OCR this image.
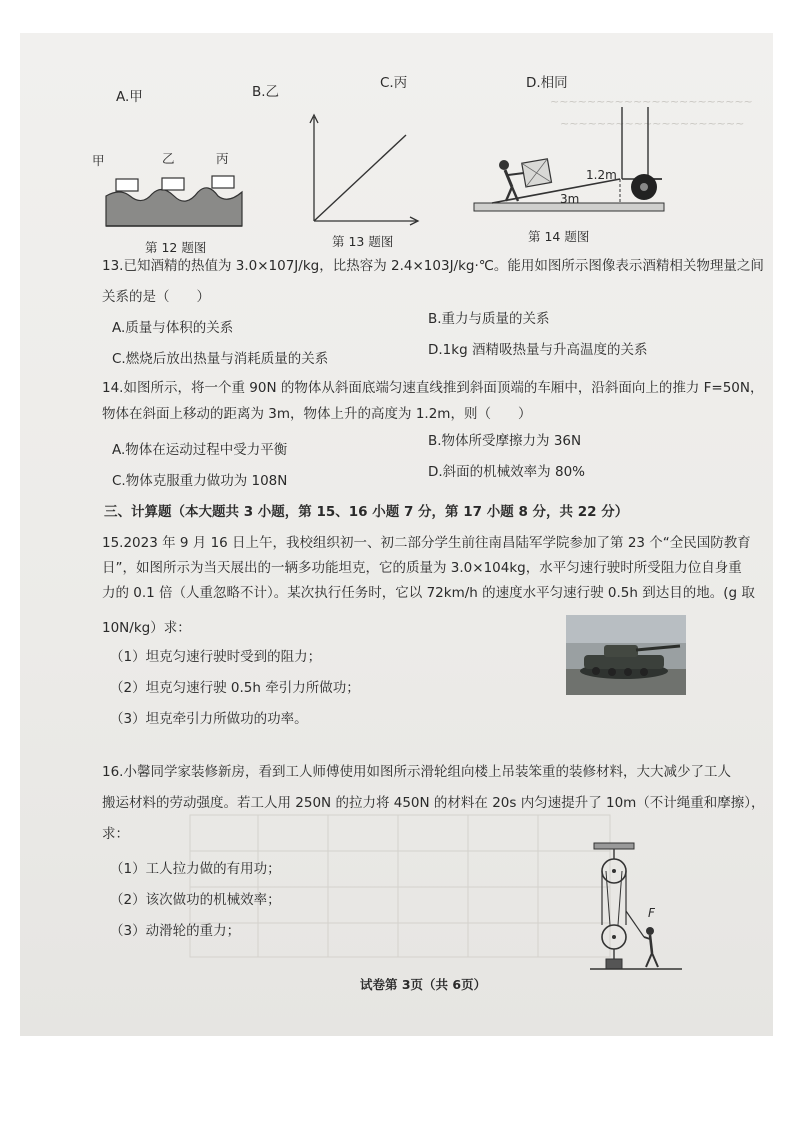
~~~~~~~~~~~~~~~~~~~~~~
~~~~~~~~~~~~~~~~~~~~
A.甲	B.乙
C.丙	D.相同
甲	乙	丙
第 12 题图	第 13 题图
3m
1.2m
第 14 题图
13.已知酒精的热值为 3.0×107J/kg，比热容为 2.4×103J/kg·℃。能用如图所示图像表示酒精相关物理量之间
关系的是（　　）
A.质量与体积的关系
B.重力与质量的关系
C.燃烧后放出热量与消耗质量的关系
D.1kg 酒精吸热量与升高温度的关系
14.如图所示，将一个重 90N 的物体从斜面底端匀速直线推到斜面顶端的车厢中，沿斜面向上的推力 F=50N，
物体在斜面上移动的距离为 3m，物体上升的高度为 1.2m，则（　　）
A.物体在运动过程中受力平衡
B.物体所受摩擦力为 36N
C.物体克服重力做功为 108N
D.斜面的机械效率为 80%
三、计算题（本大题共 3 小题，第 15、16 小题 7 分，第 17 小题 8 分，共 22 分）
15.2023 年 9 月 16 日上午，我校组织初一、初二部分学生前往南昌陆军学院参加了第 23 个“全民国防教育
日”，如图所示为当天展出的一辆多功能坦克，它的质量为 3.0×104kg，水平匀速行驶时所受阻力位自身重
力的 0.1 倍（人重忽略不计）。某次执行任务时，它以 72km/h 的速度水平匀速行驶 0.5h 到达目的地。(g 取
10N/kg）求：
（1）坦克匀速行驶时受到的阻力；
（2）坦克匀速行驶 0.5h 牵引力所做功；
（3）坦克牵引力所做功的功率。
16.小馨同学家装修新房，看到工人师傅使用如图所示滑轮组向楼上吊装笨重的装修材料，大大减少了工人
搬运材料的劳动强度。若工人用 250N 的拉力将 450N 的材料在 20s 内匀速提升了 10m（不计绳重和摩擦），
求：
（1）工人拉力做的有用功；
（2）该次做功的机械效率；
（3）动滑轮的重力；
F
试卷第 3页（共 6页）
